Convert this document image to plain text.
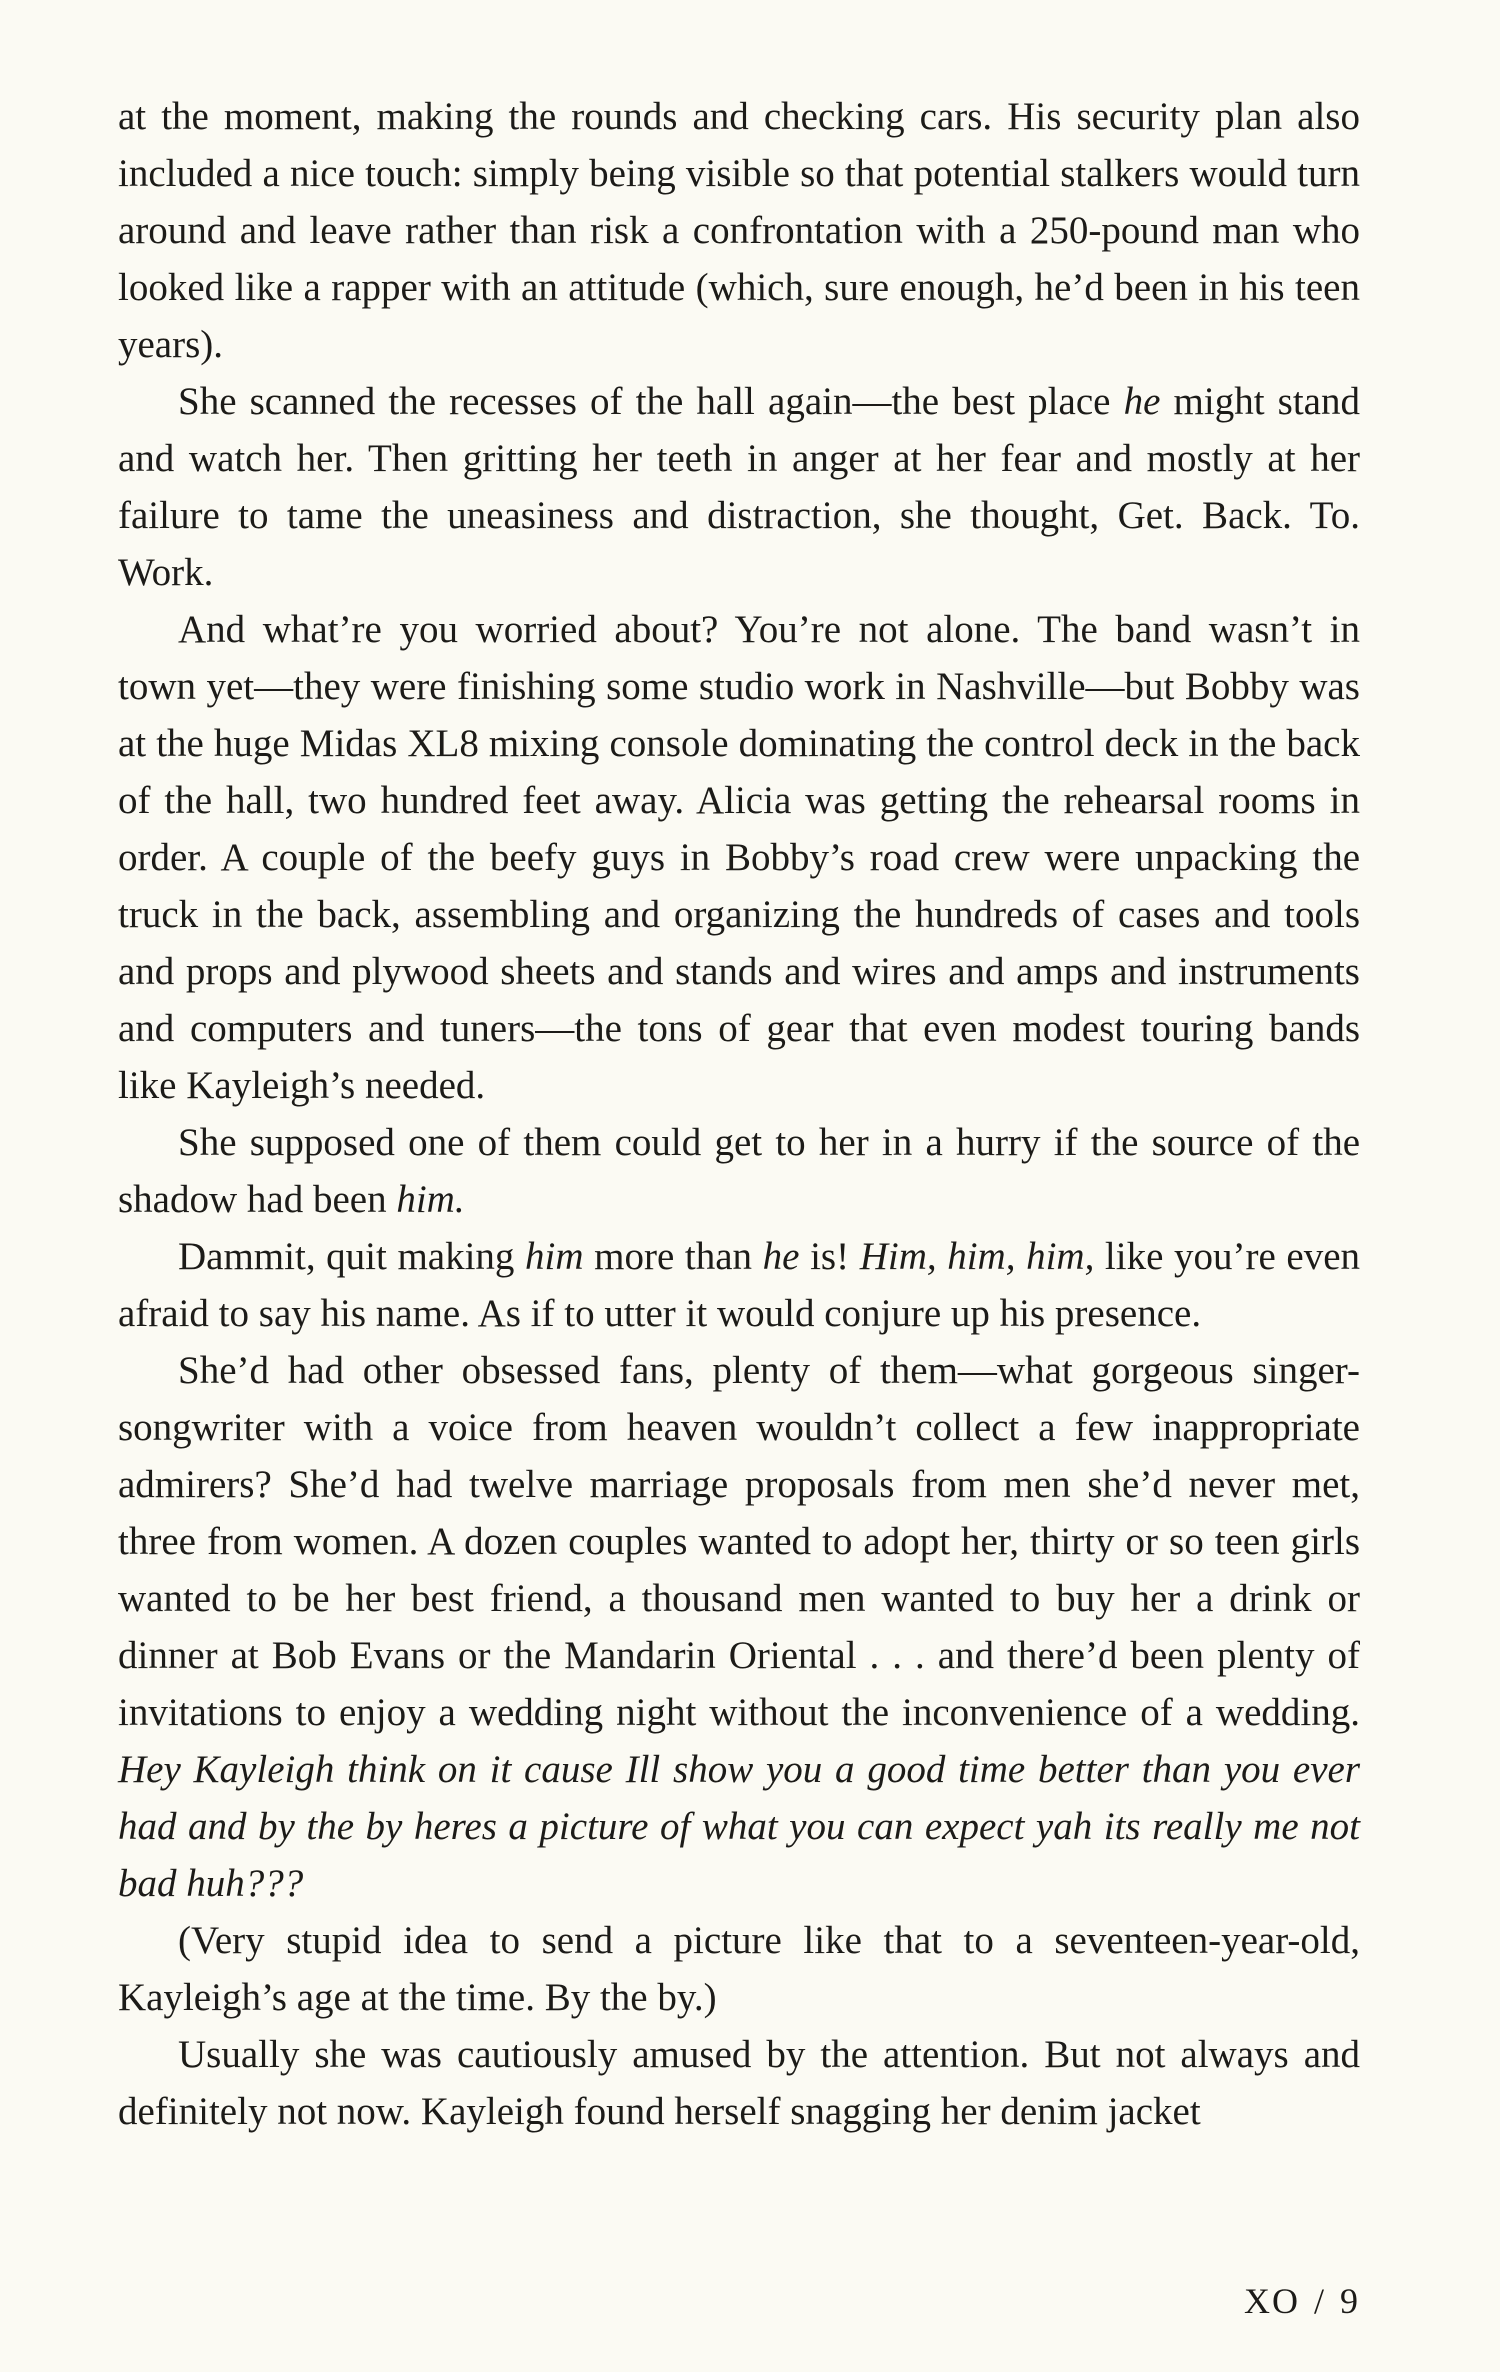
at the moment, making the rounds and checking cars. His security plan also included a nice touch: simply being visible so that potential stalkers would turn around and leave rather than risk a confrontation with a 250-pound man who looked like a rapper with an attitude (which, sure enough, he’d been in his teen years).

She scanned the recesses of the hall again—the best place he might stand and watch her. Then gritting her teeth in anger at her fear and mostly at her failure to tame the uneasiness and distraction, she thought, Get. Back. To. Work.

And what’re you worried about? You’re not alone. The band wasn’t in town yet—they were finishing some studio work in Nashville—but Bobby was at the huge Midas XL8 mixing console dominating the control deck in the back of the hall, two hundred feet away. Alicia was getting the rehearsal rooms in order. A couple of the beefy guys in Bobby’s road crew were unpacking the truck in the back, assembling and organizing the hundreds of cases and tools and props and plywood sheets and stands and wires and amps and instruments and computers and tuners—the tons of gear that even modest touring bands like Kayleigh’s needed.

She supposed one of them could get to her in a hurry if the source of the shadow had been him.

Dammit, quit making him more than he is! Him, him, him, like you’re even afraid to say his name. As if to utter it would conjure up his presence.

She’d had other obsessed fans, plenty of them—what gorgeous singer-songwriter with a voice from heaven wouldn’t collect a few inappropriate admirers? She’d had twelve marriage proposals from men she’d never met, three from women. A dozen couples wanted to adopt her, thirty or so teen girls wanted to be her best friend, a thousand men wanted to buy her a drink or dinner at Bob Evans or the Mandarin Oriental . . . and there’d been plenty of invitations to enjoy a wedding night without the inconvenience of a wedding. Hey Kayleigh think on it cause Ill show you a good time better than you ever had and by the by heres a picture of what you can expect yah its really me not bad huh???

(Very stupid idea to send a picture like that to a seventeen-year-old, Kayleigh’s age at the time. By the by.)

Usually she was cautiously amused by the attention. But not always and definitely not now. Kayleigh found herself snagging her denim jacket

XO / 9
